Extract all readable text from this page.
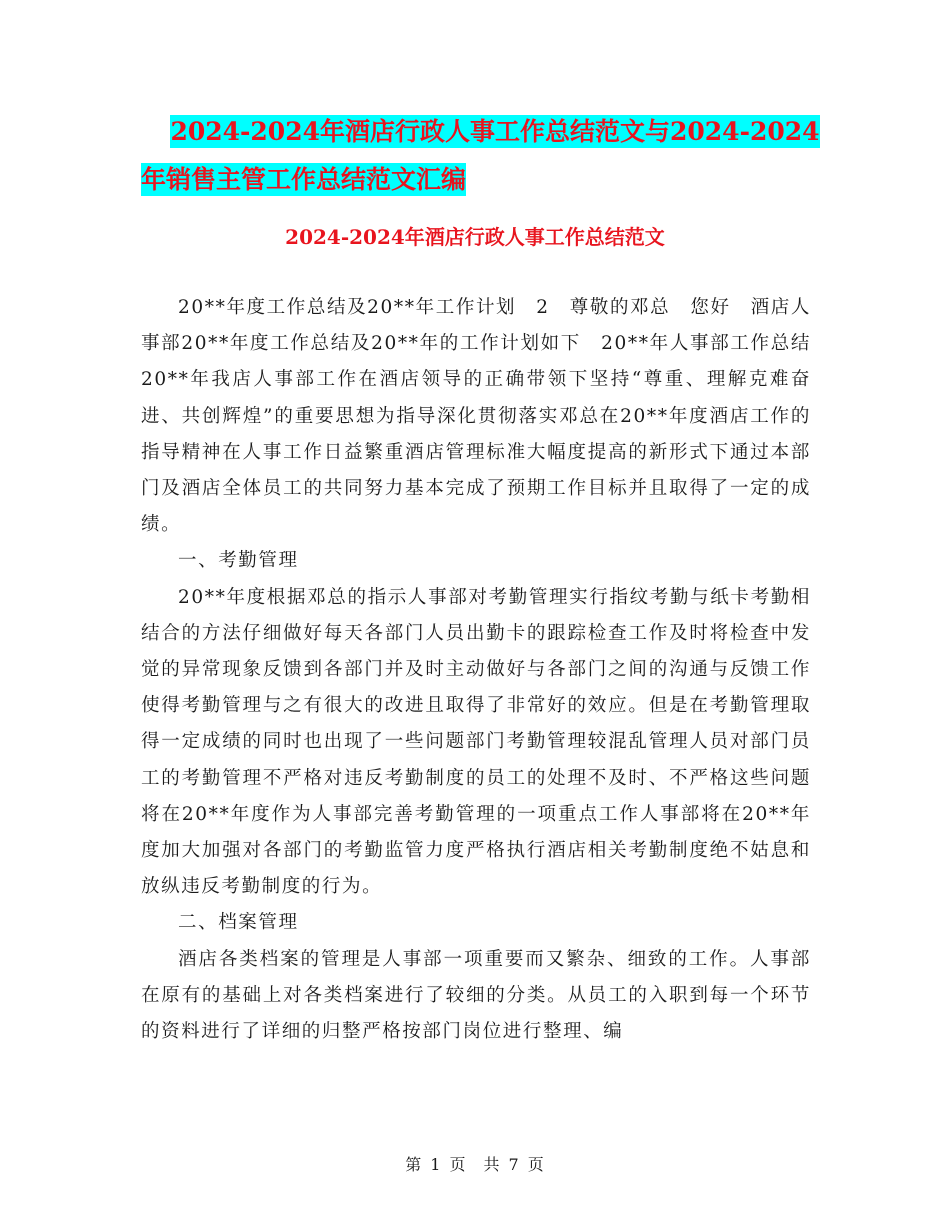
2024-2024年酒店行政人事工作总结范文与2024-2024
年销售主管工作总结范文汇编
2024-2024年酒店行政人事工作总结范文

20**年度工作总结及20**年工作计划　2　尊敬的邓总　您好　酒店人事部20**年度工作总结及20**年的工作计划如下　20**年人事部工作总结　20**年我店人事部工作在酒店领导的正确带领下坚持“尊重、理解克难奋进、共创辉煌”的重要思想为指导深化贯彻落实邓总在20**年度酒店工作的指导精神在人事工作日益繁重酒店管理标准大幅度提高的新形式下通过本部门及酒店全体员工的共同努力基本完成了预期工作目标并且取得了一定的成绩。

一、考勤管理

20**年度根据邓总的指示人事部对考勤管理实行指纹考勤与纸卡考勤相结合的方法仔细做好每天各部门人员出勤卡的跟踪检查工作及时将检查中发觉的异常现象反馈到各部门并及时主动做好与各部门之间的沟通与反馈工作使得考勤管理与之有很大的改进且取得了非常好的效应。但是在考勤管理取得一定成绩的同时也出现了一些问题部门考勤管理较混乱管理人员对部门员工的考勤管理不严格对违反考勤制度的员工的处理不及时、不严格这些问题将在20**年度作为人事部完善考勤管理的一项重点工作人事部将在20**年度加大加强对各部门的考勤监管力度严格执行酒店相关考勤制度绝不姑息和放纵违反考勤制度的行为。

二、档案管理

酒店各类档案的管理是人事部一项重要而又繁杂、细致的工作。人事部在原有的基础上对各类档案进行了较细的分类。从员工的入职到每一个环节的资料进行了详细的归整严格按部门岗位进行整理、编

第 1 页　共 7 页
